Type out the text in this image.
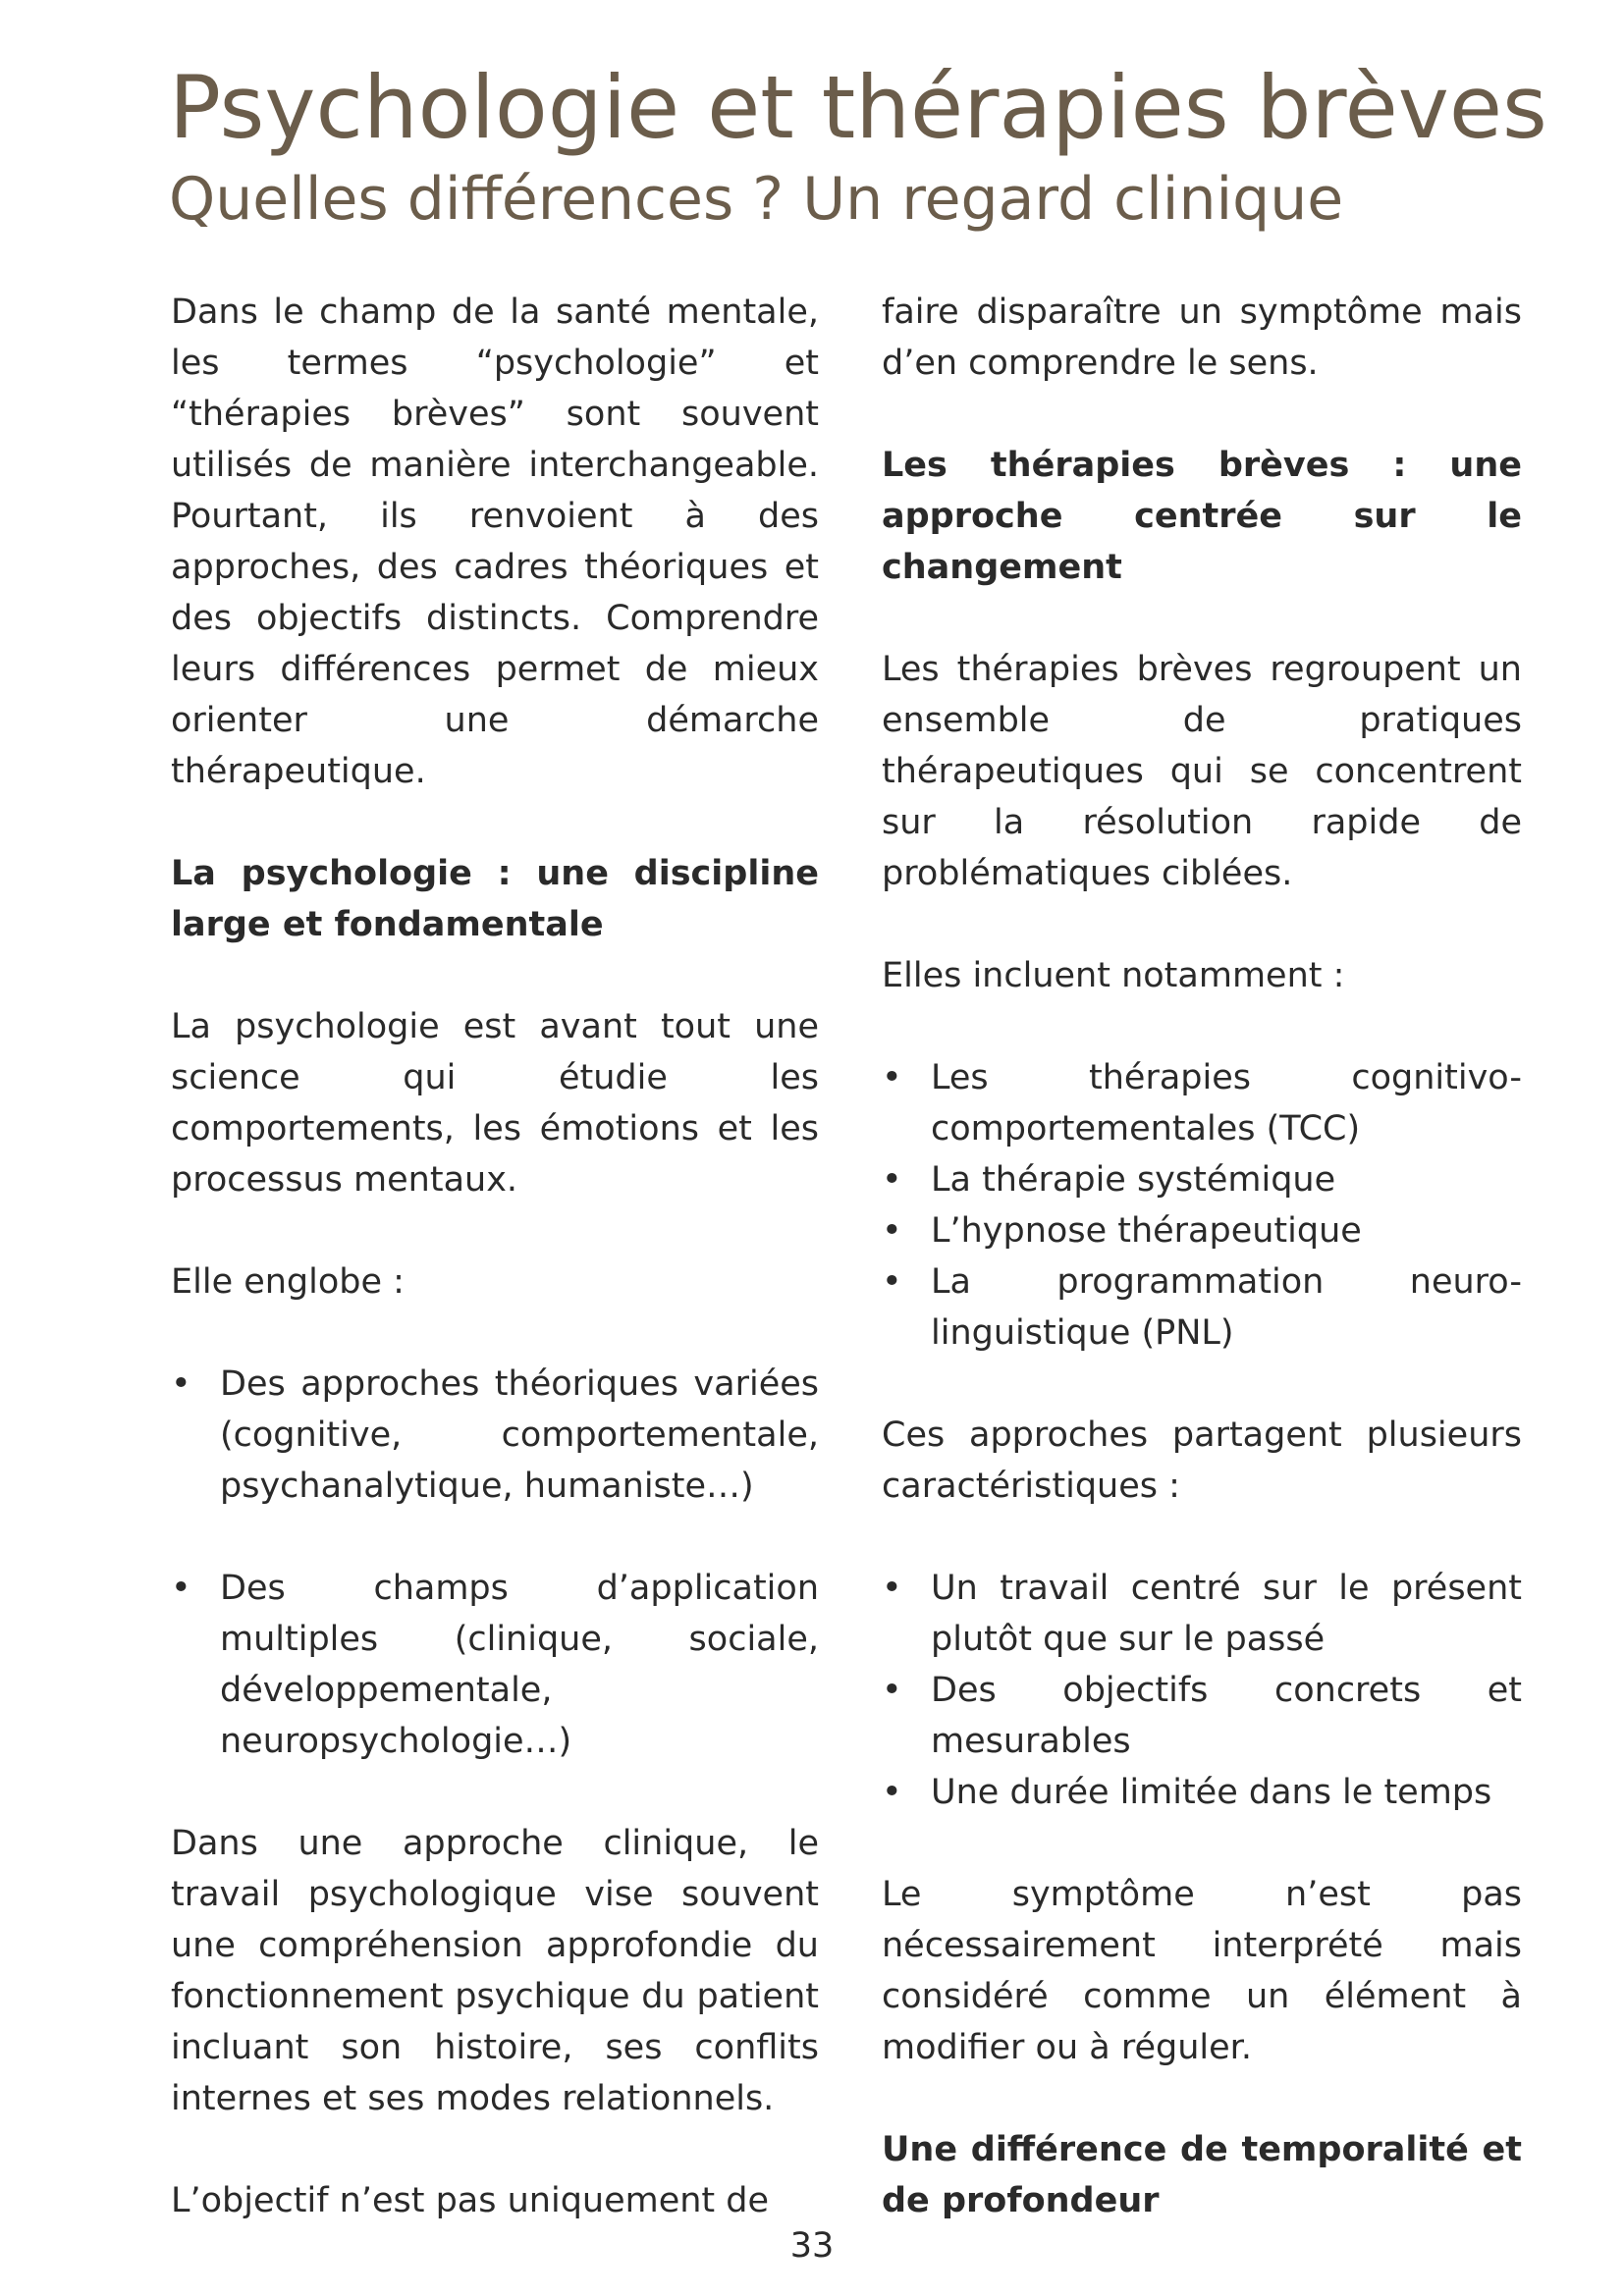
Psychologie et thérapies brèves
Quelles différences ? Un regard clinique

Dans le champ de la santé mentale, les termes “psychologie” et “thérapies brèves” sont souvent utilisés de manière interchangeable. Pourtant, ils renvoient à des approches, des cadres théoriques et des objectifs distincts. Comprendre leurs différences permet de mieux orienter une démarche thérapeutique.

La psychologie : une discipline large et fondamentale

La psychologie est avant tout une science qui étudie les comportements, les émotions et les processus mentaux.

Elle englobe :

• Des approches théoriques variées (cognitive, comportementale, psychanalytique, humaniste…)
• Des champs d’application multiples (clinique, sociale, développementale, neuropsychologie…)

Dans une approche clinique, le travail psychologique vise souvent une compréhension approfondie du fonctionnement psychique du patient incluant son histoire, ses conflits internes et ses modes relationnels.

L’objectif n’est pas uniquement de

faire disparaître un symptôme mais d’en comprendre le sens.

Les thérapies brèves : une approche centrée sur le changement

Les thérapies brèves regroupent un ensemble de pratiques thérapeutiques qui se concentrent sur la résolution rapide de problématiques ciblées.

Elles incluent notamment :

• Les thérapies cognitivo-comportementales (TCC)
• La thérapie systémique
• L’hypnose thérapeutique
• La programmation neuro-linguistique (PNL)

Ces approches partagent plusieurs caractéristiques :

• Un travail centré sur le présent plutôt que sur le passé
• Des objectifs concrets et mesurables
• Une durée limitée dans le temps

Le symptôme n’est pas nécessairement interprété mais considéré comme un élément à modifier ou à réguler.

Une différence de temporalité et de profondeur

33
